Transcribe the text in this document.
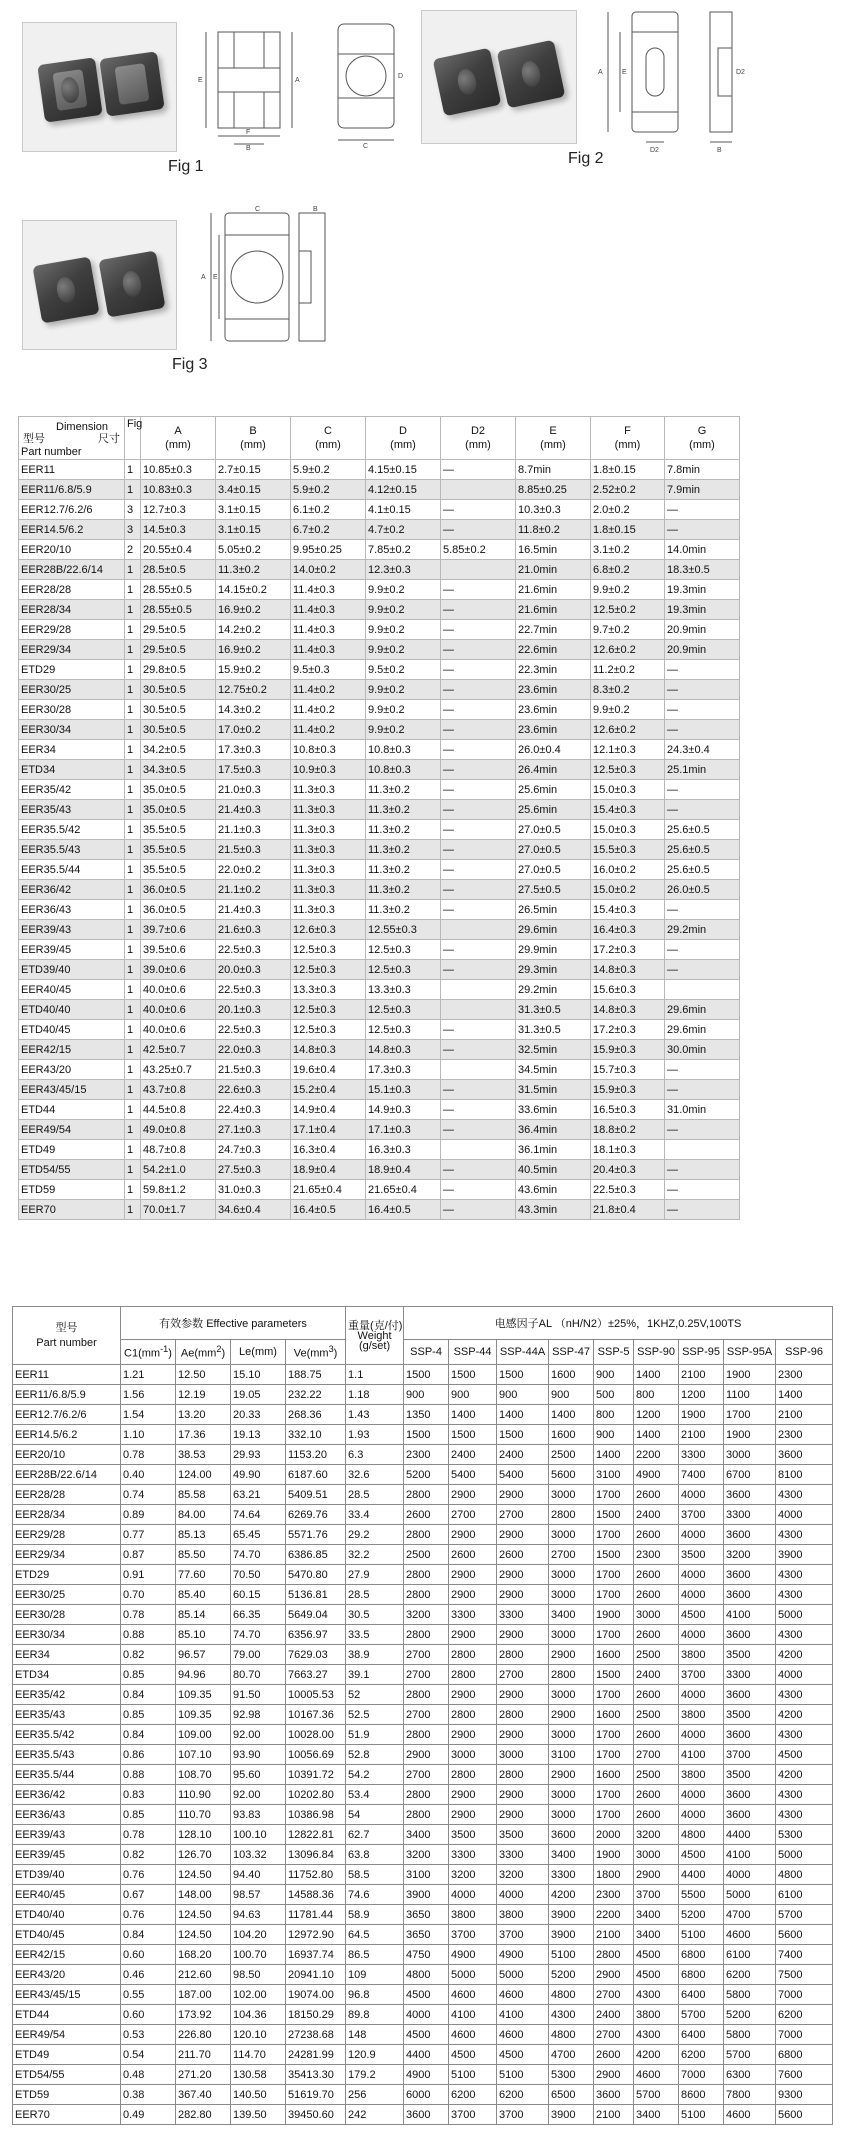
E	A
F
B
D
C
Fig 1
A	E	D2
D2	B
Fig 2
A E
C	B
Fig 3
Dimension
型号 尺寸
Part number	Fig	A
(mm)	B
(mm)	C
(mm)	D
(mm)	D2
(mm)	E
(mm)	F
(mm)	G
(mm)
EER11	1	10.85±0.3	2.7±0.15	5.9±0.2	4.15±0.15	—	8.7min	1.8±0.15	7.8min
EER11/6.8/5.9	1	10.83±0.3	3.4±0.15	5.9±0.2	4.12±0.15		8.85±0.25	2.52±0.2	7.9min
EER12.7/6.2/6	3	12.7±0.3	3.1±0.15	6.1±0.2	4.1±0.15	—	10.3±0.3	2.0±0.2	—
EER14.5/6.2	3	14.5±0.3	3.1±0.15	6.7±0.2	4.7±0.2	—	11.8±0.2	1.8±0.15	—
EER20/10	2	20.55±0.4	5.05±0.2	9.95±0.25	7.85±0.2	5.85±0.2	16.5min	3.1±0.2	14.0min
EER28B/22.6/14	1	28.5±0.5	11.3±0.2	14.0±0.2	12.3±0.3		21.0min	6.8±0.2	18.3±0.5
EER28/28	1	28.55±0.5	14.15±0.2	11.4±0.3	9.9±0.2	—	21.6min	9.9±0.2	19.3min
EER28/34	1	28.55±0.5	16.9±0.2	11.4±0.3	9.9±0.2	—	21.6min	12.5±0.2	19.3min
EER29/28	1	29.5±0.5	14.2±0.2	11.4±0.3	9.9±0.2	—	22.7min	9.7±0.2	20.9min
EER29/34	1	29.5±0.5	16.9±0.2	11.4±0.3	9.9±0.2	—	22.6min	12.6±0.2	20.9min
ETD29	1	29.8±0.5	15.9±0.2	9.5±0.3	9.5±0.2	—	22.3min	11.2±0.2	—
EER30/25	1	30.5±0.5	12.75±0.2	11.4±0.2	9.9±0.2	—	23.6min	8.3±0.2	—
EER30/28	1	30.5±0.5	14.3±0.2	11.4±0.2	9.9±0.2	—	23.6min	9.9±0.2	—
EER30/34	1	30.5±0.5	17.0±0.2	11.4±0.2	9.9±0.2	—	23.6min	12.6±0.2	—
EER34	1	34.2±0.5	17.3±0.3	10.8±0.3	10.8±0.3	—	26.0±0.4	12.1±0.3	24.3±0.4
ETD34	1	34.3±0.5	17.5±0.3	10.9±0.3	10.8±0.3	—	26.4min	12.5±0.3	25.1min
EER35/42	1	35.0±0.5	21.0±0.3	11.3±0.3	11.3±0.2	—	25.6min	15.0±0.3	—
EER35/43	1	35.0±0.5	21.4±0.3	11.3±0.3	11.3±0.2	—	25.6min	15.4±0.3	—
EER35.5/42	1	35.5±0.5	21.1±0.3	11.3±0.3	11.3±0.2	—	27.0±0.5	15.0±0.3	25.6±0.5
EER35.5/43	1	35.5±0.5	21.5±0.3	11.3±0.3	11.3±0.2	—	27.0±0.5	15.5±0.3	25.6±0.5
EER35.5/44	1	35.5±0.5	22.0±0.2	11.3±0.3	11.3±0.2	—	27.0±0.5	16.0±0.2	25.6±0.5
EER36/42	1	36.0±0.5	21.1±0.2	11.3±0.3	11.3±0.2	—	27.5±0.5	15.0±0.2	26.0±0.5
EER36/43	1	36.0±0.5	21.4±0.3	11.3±0.3	11.3±0.2	—	26.5min	15.4±0.3	—
EER39/43	1	39.7±0.6	21.6±0.3	12.6±0.3	12.55±0.3		29.6min	16.4±0.3	29.2min
EER39/45	1	39.5±0.6	22.5±0.3	12.5±0.3	12.5±0.3	—	29.9min	17.2±0.3	—
ETD39/40	1	39.0±0.6	20.0±0.3	12.5±0.3	12.5±0.3	—	29.3min	14.8±0.3	—
EER40/45	1	40.0±0.6	22.5±0.3	13.3±0.3	13.3±0.3		29.2min	15.6±0.3	
ETD40/40	1	40.0±0.6	20.1±0.3	12.5±0.3	12.5±0.3		31.3±0.5	14.8±0.3	29.6min
ETD40/45	1	40.0±0.6	22.5±0.3	12.5±0.3	12.5±0.3	—	31.3±0.5	17.2±0.3	29.6min
EER42/15	1	42.5±0.7	22.0±0.3	14.8±0.3	14.8±0.3	—	32.5min	15.9±0.3	30.0min
EER43/20	1	43.25±0.7	21.5±0.3	19.6±0.4	17.3±0.3		34.5min	15.7±0.3	—
EER43/45/15	1	43.7±0.8	22.6±0.3	15.2±0.4	15.1±0.3	—	31.5min	15.9±0.3	—
ETD44	1	44.5±0.8	22.4±0.3	14.9±0.4	14.9±0.3	—	33.6min	16.5±0.3	31.0min
EER49/54	1	49.0±0.8	27.1±0.3	17.1±0.4	17.1±0.3	—	36.4min	18.8±0.2	—
ETD49	1	48.7±0.8	24.7±0.3	16.3±0.4	16.3±0.3		36.1min	18.1±0.3	
ETD54/55	1	54.2±1.0	27.5±0.3	18.9±0.4	18.9±0.4	—	40.5min	20.4±0.3	—
ETD59	1	59.8±1.2	31.0±0.3	21.65±0.4	21.65±0.4	—	43.6min	22.5±0.3	—
EER70	1	70.0±1.7	34.6±0.4	16.4±0.5	16.4±0.5	—	43.3min	21.8±0.4	—
型号
Part number	有效参数 Effective parameters				重量(克/付)
Weight
(g/set)	电感因子AL （nH/N2）±25%，1KHZ,0.25V,100TS								
	$C1(mm^{-1})$	$Ae(mm^2)$	Le(mm)	$Ve(mm^3)$		SSP-4	SSP-44	SSP-44A	SSP-47	SSP-5	SSP-90	SSP-95	SSP-95A	SSP-96
EER11	1.21	12.50	15.10	188.75	1.1	1500	1500	1500	1600	900	1400	2100	1900	2300
EER11/6.8/5.9	1.56	12.19	19.05	232.22	1.18	900	900	900	900	500	800	1200	1100	1400
EER12.7/6.2/6	1.54	13.20	20.33	268.36	1.43	1350	1400	1400	1400	800	1200	1900	1700	2100
EER14.5/6.2	1.10	17.36	19.13	332.10	1.93	1500	1500	1500	1600	900	1400	2100	1900	2300
EER20/10	0.78	38.53	29.93	1153.20	6.3	2300	2400	2400	2500	1400	2200	3300	3000	3600
EER28B/22.6/14	0.40	124.00	49.90	6187.60	32.6	5200	5400	5400	5600	3100	4900	7400	6700	8100
EER28/28	0.74	85.58	63.21	5409.51	28.5	2800	2900	2900	3000	1700	2600	4000	3600	4300
EER28/34	0.89	84.00	74.64	6269.76	33.4	2600	2700	2700	2800	1500	2400	3700	3300	4000
EER29/28	0.77	85.13	65.45	5571.76	29.2	2800	2900	2900	3000	1700	2600	4000	3600	4300
EER29/34	0.87	85.50	74.70	6386.85	32.2	2500	2600	2600	2700	1500	2300	3500	3200	3900
ETD29	0.91	77.60	70.50	5470.80	27.9	2800	2900	2900	3000	1700	2600	4000	3600	4300
EER30/25	0.70	85.40	60.15	5136.81	28.5	2800	2900	2900	3000	1700	2600	4000	3600	4300
EER30/28	0.78	85.14	66.35	5649.04	30.5	3200	3300	3300	3400	1900	3000	4500	4100	5000
EER30/34	0.88	85.10	74.70	6356.97	33.5	2800	2900	2900	3000	1700	2600	4000	3600	4300
EER34	0.82	96.57	79.00	7629.03	38.9	2700	2800	2800	2900	1600	2500	3800	3500	4200
ETD34	0.85	94.96	80.70	7663.27	39.1	2700	2800	2700	2800	1500	2400	3700	3300	4000
EER35/42	0.84	109.35	91.50	10005.53	52	2800	2900	2900	3000	1700	2600	4000	3600	4300
EER35/43	0.85	109.35	92.98	10167.36	52.5	2700	2800	2800	2900	1600	2500	3800	3500	4200
EER35.5/42	0.84	109.00	92.00	10028.00	51.9	2800	2900	2900	3000	1700	2600	4000	3600	4300
EER35.5/43	0.86	107.10	93.90	10056.69	52.8	2900	3000	3000	3100	1700	2700	4100	3700	4500
EER35.5/44	0.88	108.70	95.60	10391.72	54.2	2700	2800	2800	2900	1600	2500	3800	3500	4200
EER36/42	0.83	110.90	92.00	10202.80	53.4	2800	2900	2900	3000	1700	2600	4000	3600	4300
EER36/43	0.85	110.70	93.83	10386.98	54	2800	2900	2900	3000	1700	2600	4000	3600	4300
EER39/43	0.78	128.10	100.10	12822.81	62.7	3400	3500	3500	3600	2000	3200	4800	4400	5300
EER39/45	0.82	126.70	103.32	13096.84	63.8	3200	3300	3300	3400	1900	3000	4500	4100	5000
ETD39/40	0.76	124.50	94.40	11752.80	58.5	3100	3200	3200	3300	1800	2900	4400	4000	4800
EER40/45	0.67	148.00	98.57	14588.36	74.6	3900	4000	4000	4200	2300	3700	5500	5000	6100
ETD40/40	0.76	124.50	94.63	11781.44	58.9	3650	3800	3800	3900	2200	3400	5200	4700	5700
ETD40/45	0.84	124.50	104.20	12972.90	64.5	3650	3700	3700	3900	2100	3400	5100	4600	5600
EER42/15	0.60	168.20	100.70	16937.74	86.5	4750	4900	4900	5100	2800	4500	6800	6100	7400
EER43/20	0.46	212.60	98.50	20941.10	109	4800	5000	5000	5200	2900	4500	6800	6200	7500
EER43/45/15	0.55	187.00	102.00	19074.00	96.8	4500	4600	4600	4800	2700	4300	6400	5800	7000
ETD44	0.60	173.92	104.36	18150.29	89.8	4000	4100	4100	4300	2400	3800	5700	5200	6200
EER49/54	0.53	226.80	120.10	27238.68	148	4500	4600	4600	4800	2700	4300	6400	5800	7000
ETD49	0.54	211.70	114.70	24281.99	120.9	4400	4500	4500	4700	2600	4200	6200	5700	6800
ETD54/55	0.48	271.20	130.58	35413.30	179.2	4900	5100	5100	5300	2900	4600	7000	6300	7600
ETD59	0.38	367.40	140.50	51619.70	256	6000	6200	6200	6500	3600	5700	8600	7800	9300
EER70	0.49	282.80	139.50	39450.60	242	3600	3700	3700	3900	2100	3400	5100	4600	5600
